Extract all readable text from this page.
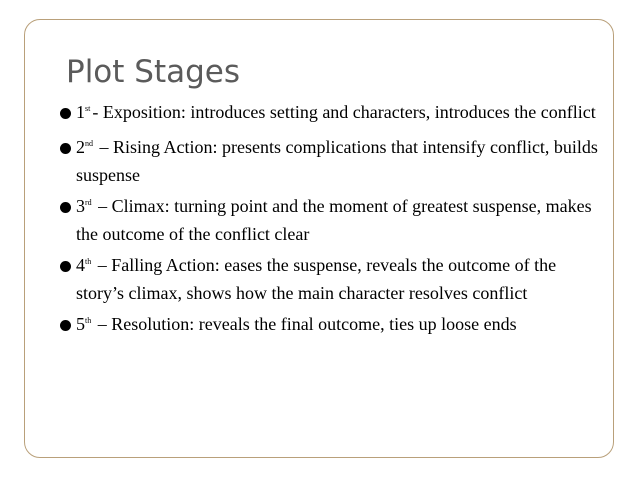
Plot Stages
1st - Exposition: introduces setting and characters, introduces the conflict
2nd – Rising Action: presents complications that intensify conflict, builds suspense
3rd – Climax: turning point and the moment of greatest suspense, makes the outcome of the conflict clear
4th – Falling Action: eases the suspense, reveals the outcome of the story’s climax, shows how the main character resolves conflict
5th – Resolution: reveals the final outcome, ties up loose ends
